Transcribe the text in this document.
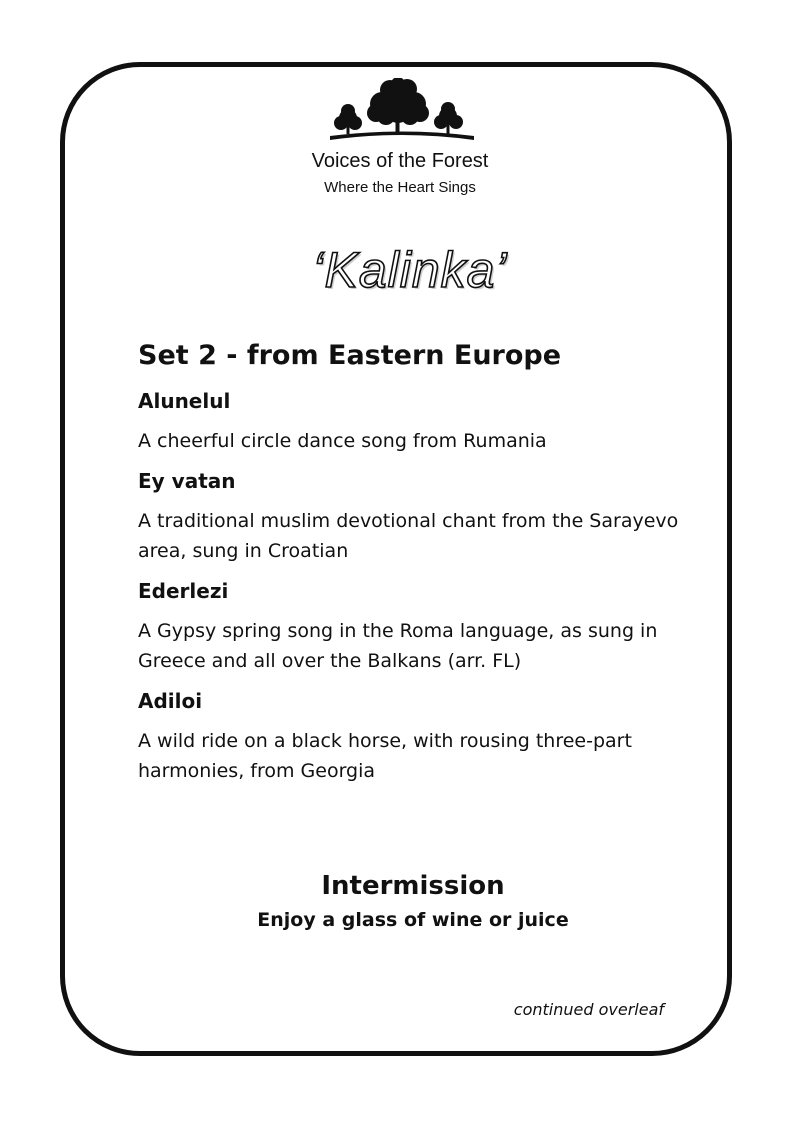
Voices of the Forest
Where the Heart Sings
‘Kalinka’
Set 2 - from Eastern Europe
Alunelul
A cheerful circle dance song from Rumania
Ey vatan
A traditional muslim devotional chant from the Sarayevo area, sung in Croatian
Ederlezi
A Gypsy spring song in the Roma language, as sung in Greece and all over the Balkans (arr. FL)
Adiloi
A wild ride on a black horse, with rousing three-part harmonies, from Georgia
Intermission
Enjoy a glass of wine or juice
continued overleaf
